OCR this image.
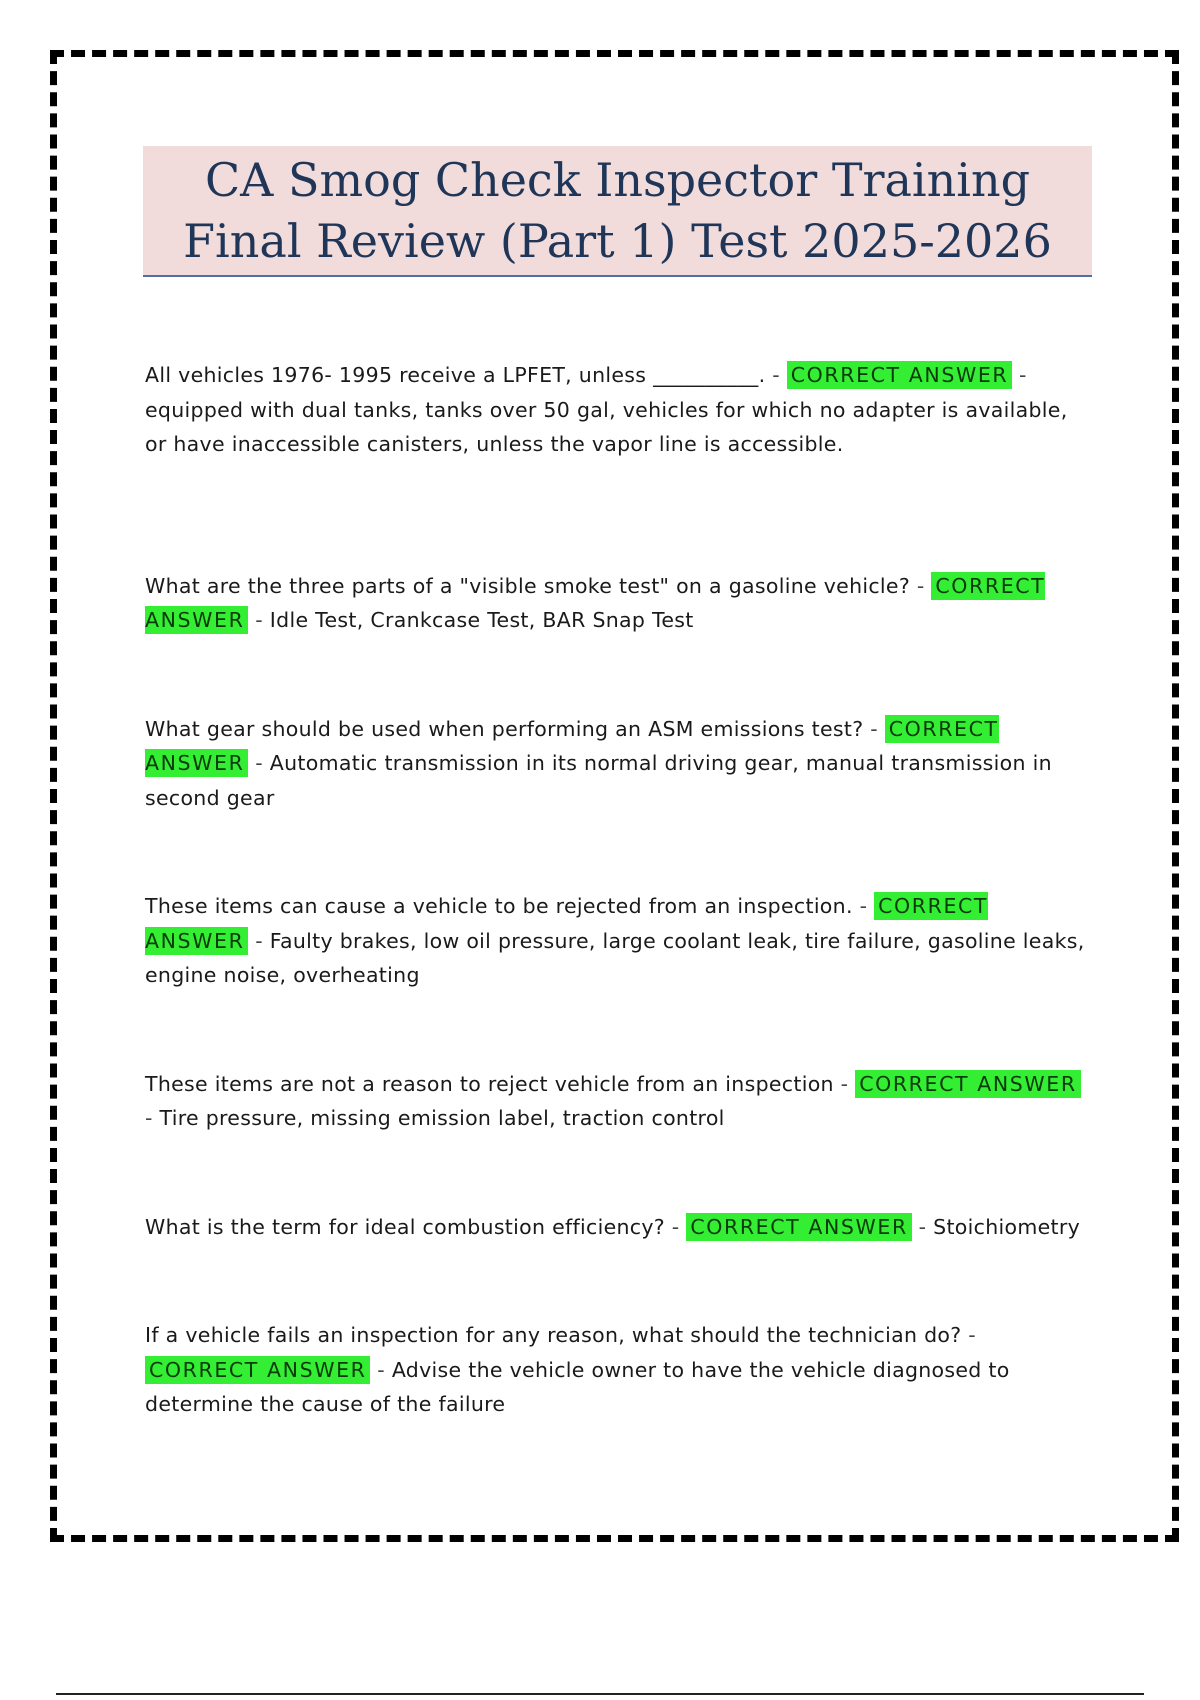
CA Smog Check Inspector Training Final Review (Part 1) Test 2025-2026

All vehicles 1976- 1995 receive a LPFET, unless __________. - CORRECT ANSWER - equipped with dual tanks, tanks over 50 gal, vehicles for which no adapter is available, or have inaccessible canisters, unless the vapor line is accessible.

What are the three parts of a "visible smoke test" on a gasoline vehicle? - CORRECT ANSWER - Idle Test, Crankcase Test, BAR Snap Test

What gear should be used when performing an ASM emissions test? - CORRECT ANSWER - Automatic transmission in its normal driving gear, manual transmission in second gear

These items can cause a vehicle to be rejected from an inspection. - CORRECT ANSWER - Faulty brakes, low oil pressure, large coolant leak, tire failure, gasoline leaks, engine noise, overheating

These items are not a reason to reject vehicle from an inspection - CORRECT ANSWER - Tire pressure, missing emission label, traction control

What is the term for ideal combustion efficiency? - CORRECT ANSWER - Stoichiometry

If a vehicle fails an inspection for any reason, what should the technician do? - CORRECT ANSWER - Advise the vehicle owner to have the vehicle diagnosed to determine the cause of the failure
